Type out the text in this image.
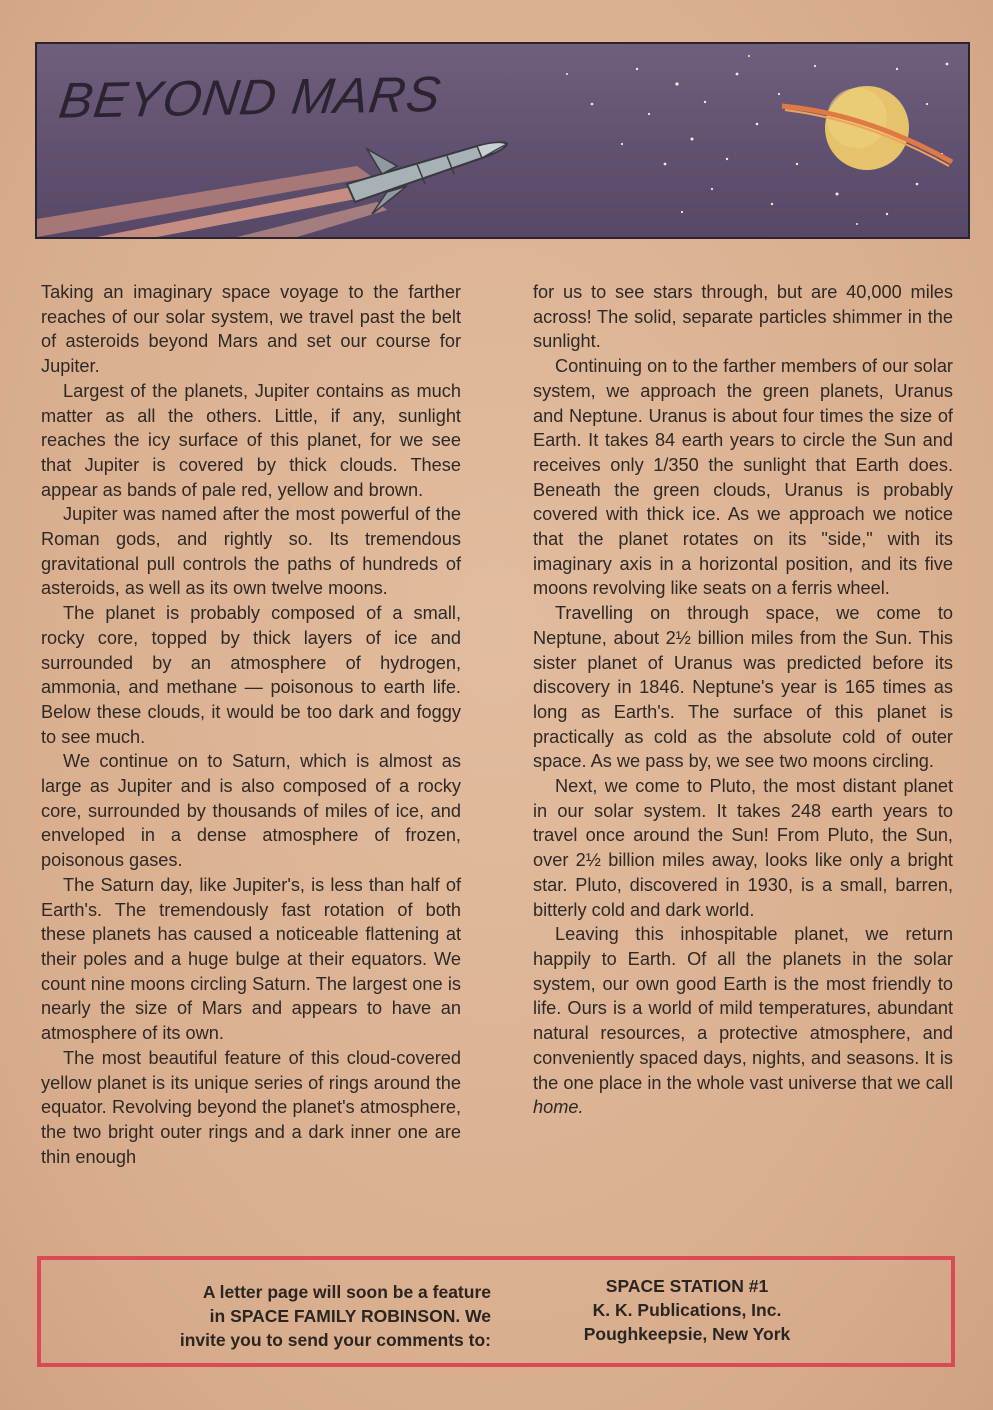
BEYOND MARS

Taking an imaginary space voyage to the farther reaches of our solar system, we travel past the belt of asteroids beyond Mars and set our course for Jupiter.

Largest of the planets, Jupiter contains as much matter as all the others. Little, if any, sunlight reaches the icy surface of this planet, for we see that Jupiter is covered by thick clouds. These appear as bands of pale red, yellow and brown.

Jupiter was named after the most powerful of the Roman gods, and rightly so. Its tremendous gravitational pull controls the paths of hundreds of asteroids, as well as its own twelve moons.

The planet is probably composed of a small, rocky core, topped by thick layers of ice and surrounded by an atmosphere of hydrogen, ammonia, and methane — poisonous to earth life. Below these clouds, it would be too dark and foggy to see much.

We continue on to Saturn, which is almost as large as Jupiter and is also composed of a rocky core, surrounded by thousands of miles of ice, and enveloped in a dense atmosphere of frozen, poisonous gases.

The Saturn day, like Jupiter's, is less than half of Earth's. The tremendously fast rotation of both these planets has caused a noticeable flattening at their poles and a huge bulge at their equators. We count nine moons circling Saturn. The largest one is nearly the size of Mars and appears to have an atmosphere of its own.

The most beautiful feature of this cloud-covered yellow planet is its unique series of rings around the equator. Revolving beyond the planet's atmosphere, the two bright outer rings and a dark inner one are thin enough

for us to see stars through, but are 40,000 miles across! The solid, separate particles shimmer in the sunlight.

Continuing on to the farther members of our solar system, we approach the green planets, Uranus and Neptune. Uranus is about four times the size of Earth. It takes 84 earth years to circle the Sun and receives only 1/350 the sunlight that Earth does. Beneath the green clouds, Uranus is probably covered with thick ice. As we approach we notice that the planet rotates on its "side," with its imaginary axis in a horizontal position, and its five moons revolving like seats on a ferris wheel.

Travelling on through space, we come to Neptune, about 2½ billion miles from the Sun. This sister planet of Uranus was predicted before its discovery in 1846. Neptune's year is 165 times as long as Earth's. The surface of this planet is practically as cold as the absolute cold of outer space. As we pass by, we see two moons circling.

Next, we come to Pluto, the most distant planet in our solar system. It takes 248 earth years to travel once around the Sun! From Pluto, the Sun, over 2½ billion miles away, looks like only a bright star. Pluto, discovered in 1930, is a small, barren, bitterly cold and dark world.

Leaving this inhospitable planet, we return happily to Earth. Of all the planets in the solar system, our own good Earth is the most friendly to life. Ours is a world of mild temperatures, abundant natural resources, a protective atmosphere, and conveniently spaced days, nights, and seasons. It is the one place in the whole vast universe that we call home.

A letter page will soon be a feature
in SPACE FAMILY ROBINSON. We
invite you to send your comments to:
SPACE STATION #1
K. K. Publications, Inc.
Poughkeepsie, New York
